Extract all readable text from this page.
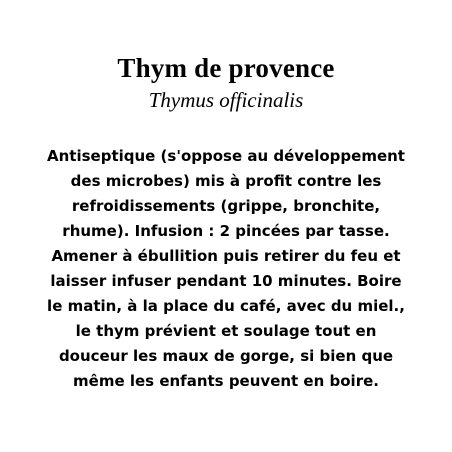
Thym de provence
Thymus officinalis

Antiseptique (s'oppose au développement
des microbes) mis à profit contre les
refroidissements (grippe, bronchite,
rhume). Infusion : 2 pincées par tasse.
Amener à ébullition puis retirer du feu et
laisser infuser pendant 10 minutes. Boire
le matin, à la place du café, avec du miel.,
le thym prévient et soulage tout en
douceur les maux de gorge, si bien que
même les enfants peuvent en boire.
